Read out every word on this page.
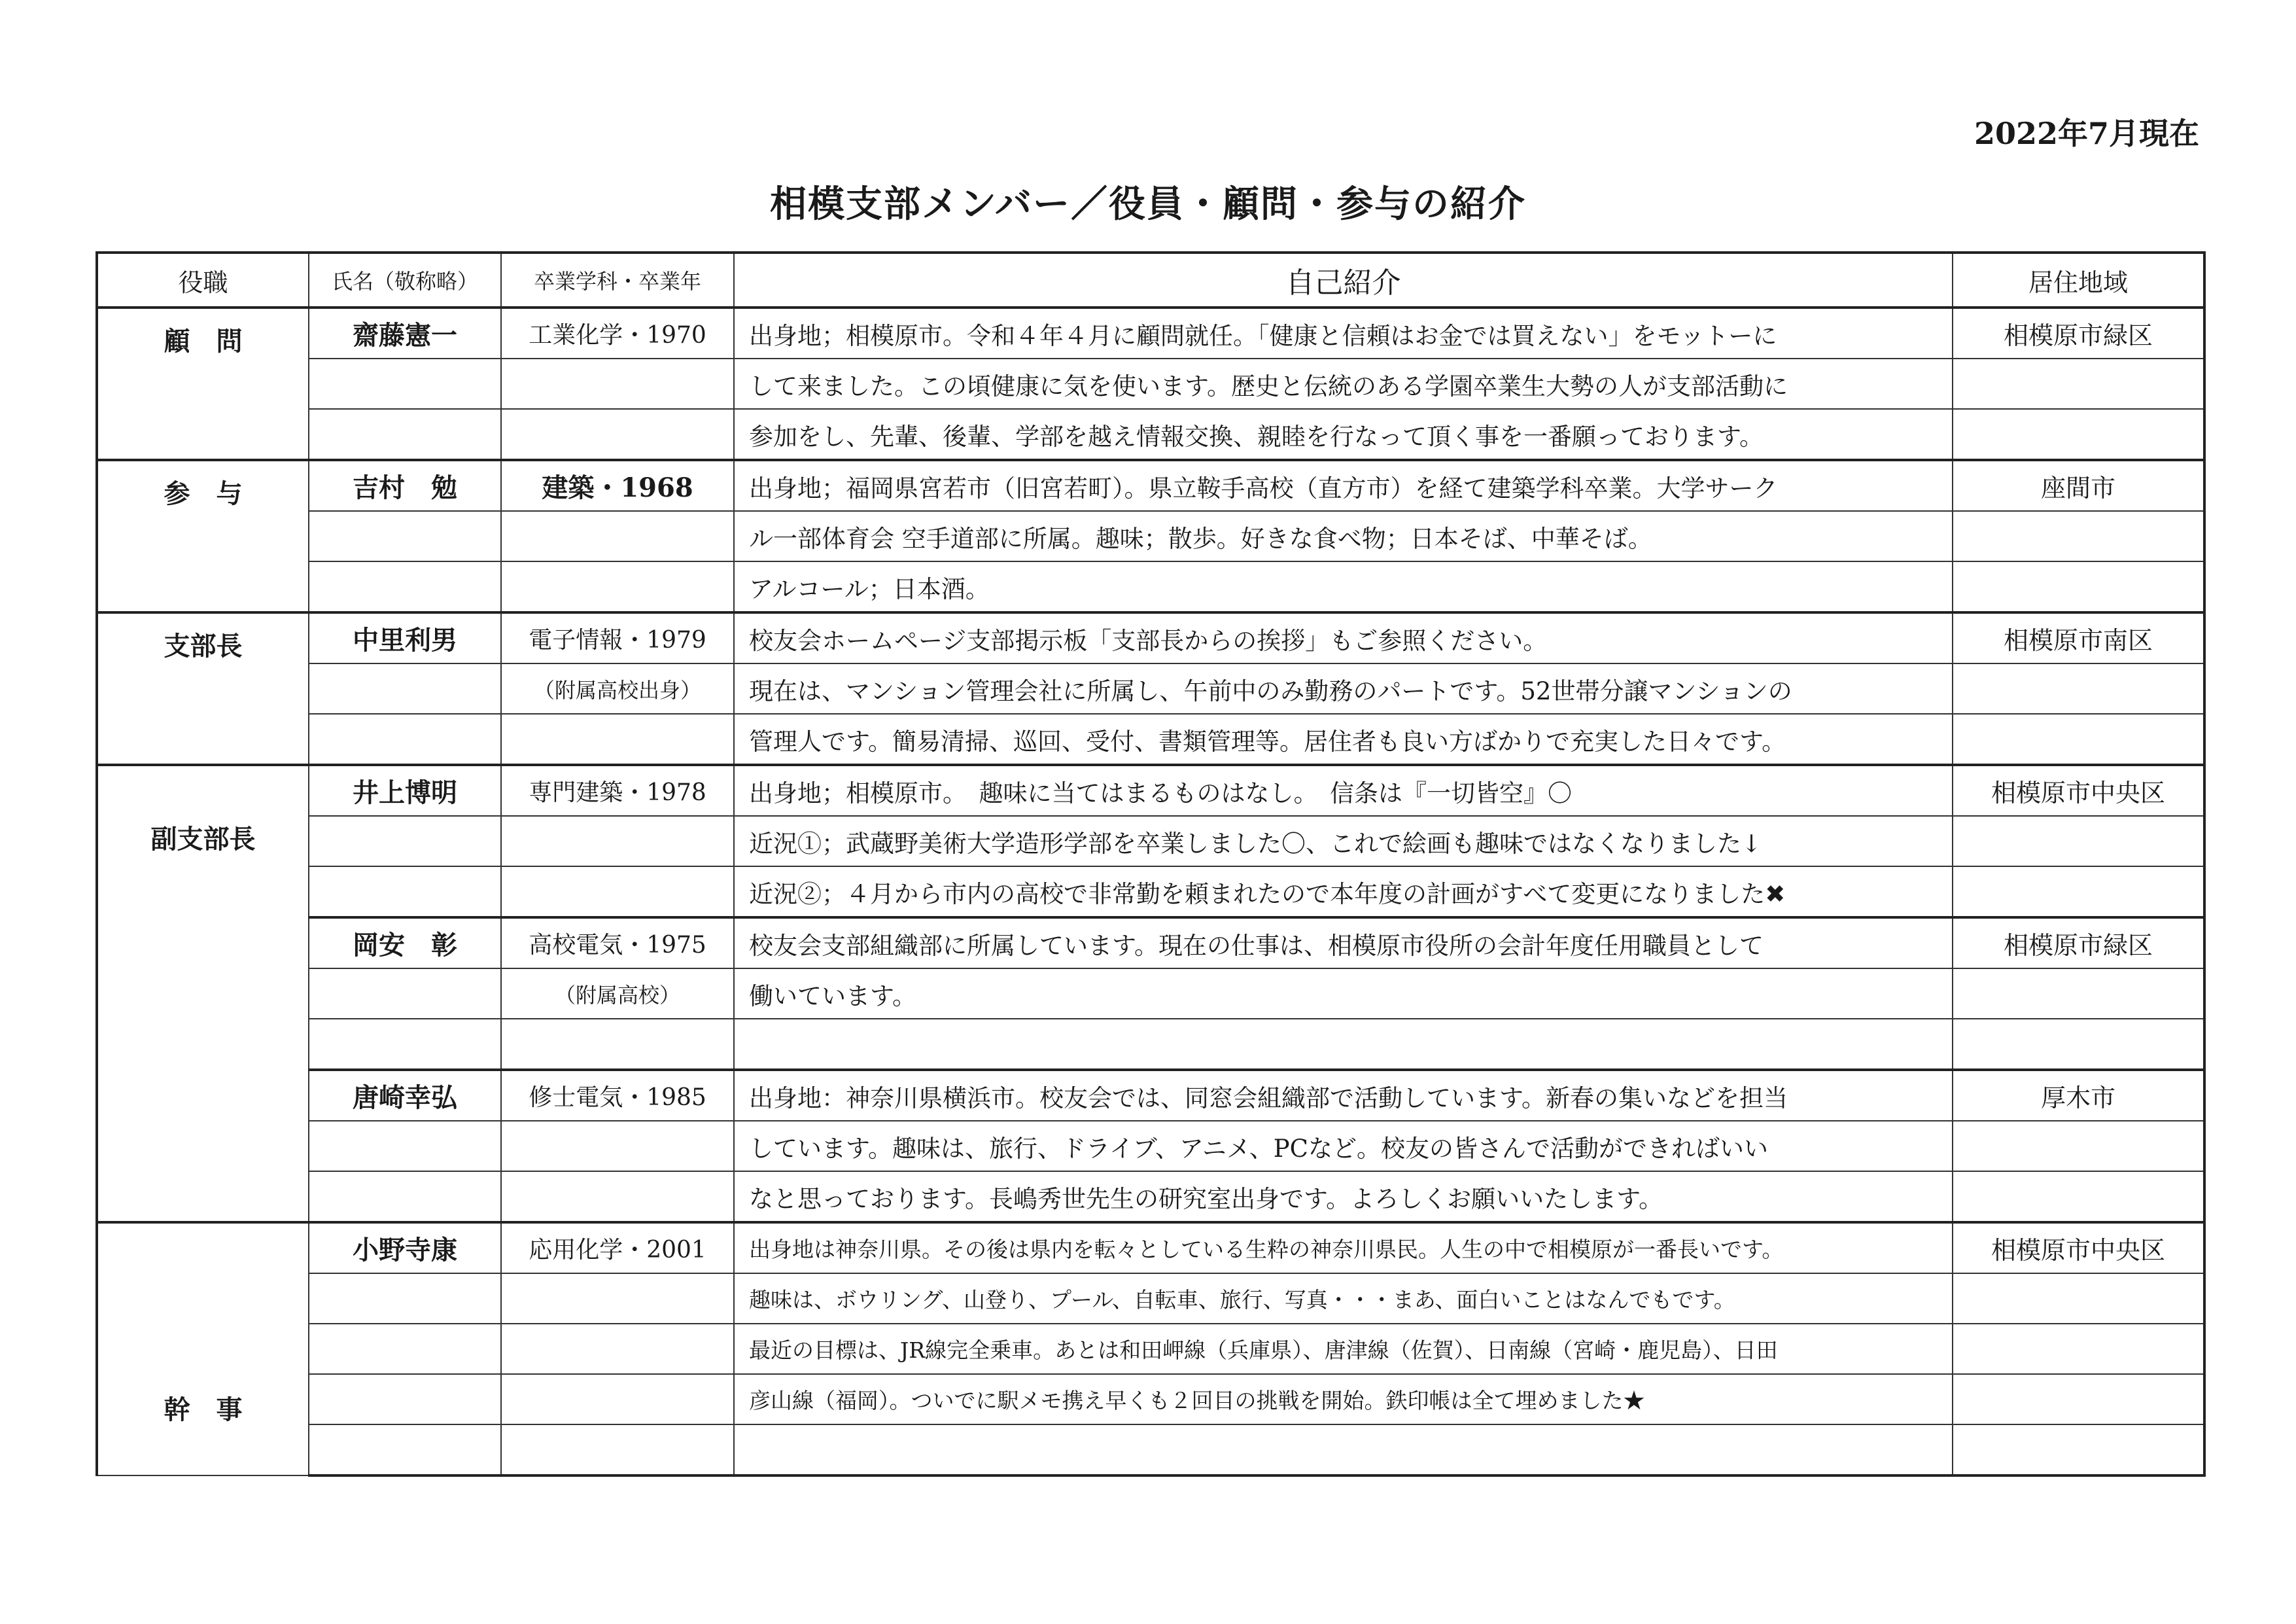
2022年7月現在
相模支部メンバー／役員・顧問・参与の紹介
役職	氏名（敬称略）	卒業学科・卒業年	自己紹介	居住地域
顧　問	齋藤憲一	工業化学・1970	出身地；相模原市。令和４年４月に顧問就任。「健康と信頼はお金では買えない」をモットーに	相模原市緑区
			して来ました。この頃健康に気を使います。歴史と伝統のある学園卒業生大勢の人が支部活動に	
			参加をし、先輩、後輩、学部を越え情報交換、親睦を行なって頂く事を一番願っております。	
参　与	吉村　勉	建築・1968	出身地；福岡県宮若市（旧宮若町）。県立鞍手高校（直方市）を経て建築学科卒業。大学サーク	座間市
			ル一部体育会 空手道部に所属。趣味；散歩。好きな食べ物；日本そば、中華そば。	
			アルコール；日本酒。	
支部長	中里利男	電子情報・1979	校友会ホームページ支部掲示板「支部長からの挨拶」もご参照ください。	相模原市南区
		（附属高校出身）	現在は、マンション管理会社に所属し、午前中のみ勤務のパートです。52世帯分譲マンションの	
			管理人です。簡易清掃、巡回、受付、書類管理等。居住者も良い方ばかりで充実した日々です。	
副支部長	井上博明	専門建築・1978	出身地；相模原市。　趣味に当てはまるものはなし。　信条は『一切皆空』〇	相模原市中央区
			近況①；武蔵野美術大学造形学部を卒業しました〇、これで絵画も趣味ではなくなりました↓	
			近況②；４月から市内の高校で非常勤を頼まれたので本年度の計画がすべて変更になりました✖	
	岡安　彰	高校電気・1975	校友会支部組織部に所属しています。現在の仕事は、相模原市役所の会計年度任用職員として	相模原市緑区
		（附属高校）	働いています。	

	唐崎幸弘	修士電気・1985	出身地：神奈川県横浜市。校友会では、同窓会組織部で活動しています。新春の集いなどを担当	厚木市
			しています。趣味は、旅行、ドライブ、アニメ、PCなど。校友の皆さんで活動ができればいい	
			なと思っております。長嶋秀世先生の研究室出身です。よろしくお願いいたします。	
幹　事	小野寺康	応用化学・2001	出身地は神奈川県。その後は県内を転々としている生粋の神奈川県民。人生の中で相模原が一番長いです。	相模原市中央区
			趣味は、ボウリング、山登り、プール、自転車、旅行、写真・・・まあ、面白いことはなんでもです。	
			最近の目標は、JR線完全乗車。あとは和田岬線（兵庫県）、唐津線（佐賀）、日南線（宮崎・鹿児島）、日田	
			彦山線（福岡）。ついでに駅メモ携え早くも２回目の挑戦を開始。鉄印帳は全て埋めました★	
